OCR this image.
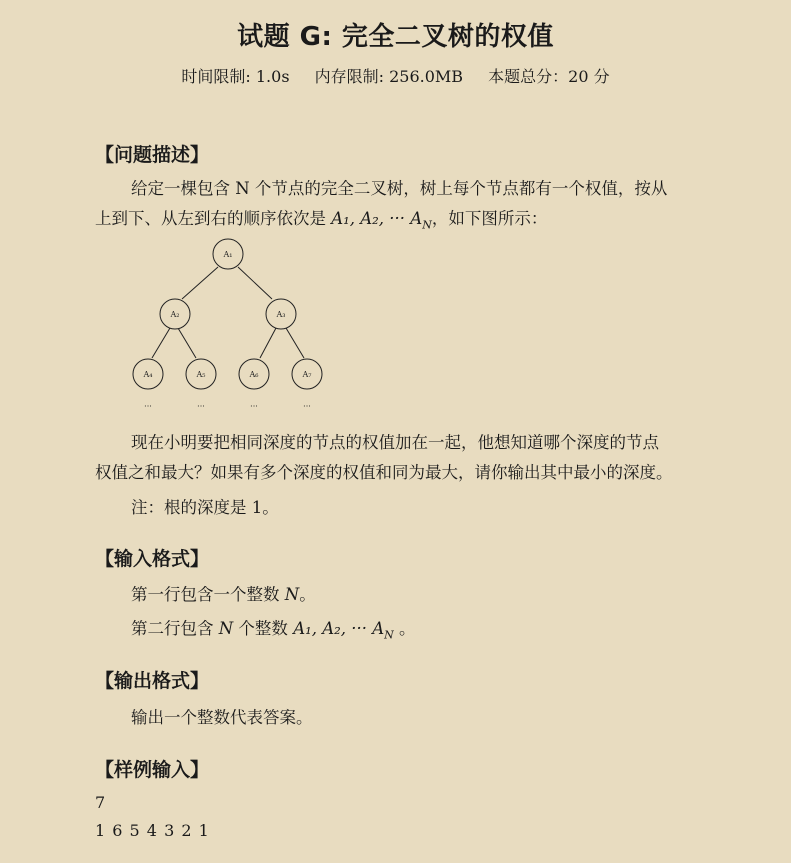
试题 G: 完全二叉树的权值
时间限制: 1.0s 内存限制: 256.0MB 本题总分：20 分
【问题描述】
给定一棵包含 N 个节点的完全二叉树，树上每个节点都有一个权值，按从
上到下、从左到右的顺序依次是 A₁, A₂, ··· $A_N$，如下图所示：
A₁
A₂	A₃
A₄	A₅	A₆	A₇
···	···	···	···
现在小明要把相同深度的节点的权值加在一起，他想知道哪个深度的节点
权值之和最大？如果有多个深度的权值和同为最大，请你输出其中最小的深度。
注：根的深度是 1。
【输入格式】
第一行包含一个整数 N。
第二行包含 N 个整数 A₁, A₂, ··· $A_N$ 。
【输出格式】
输出一个整数代表答案。
【样例输入】
7
1 6 5 4 3 2 1
